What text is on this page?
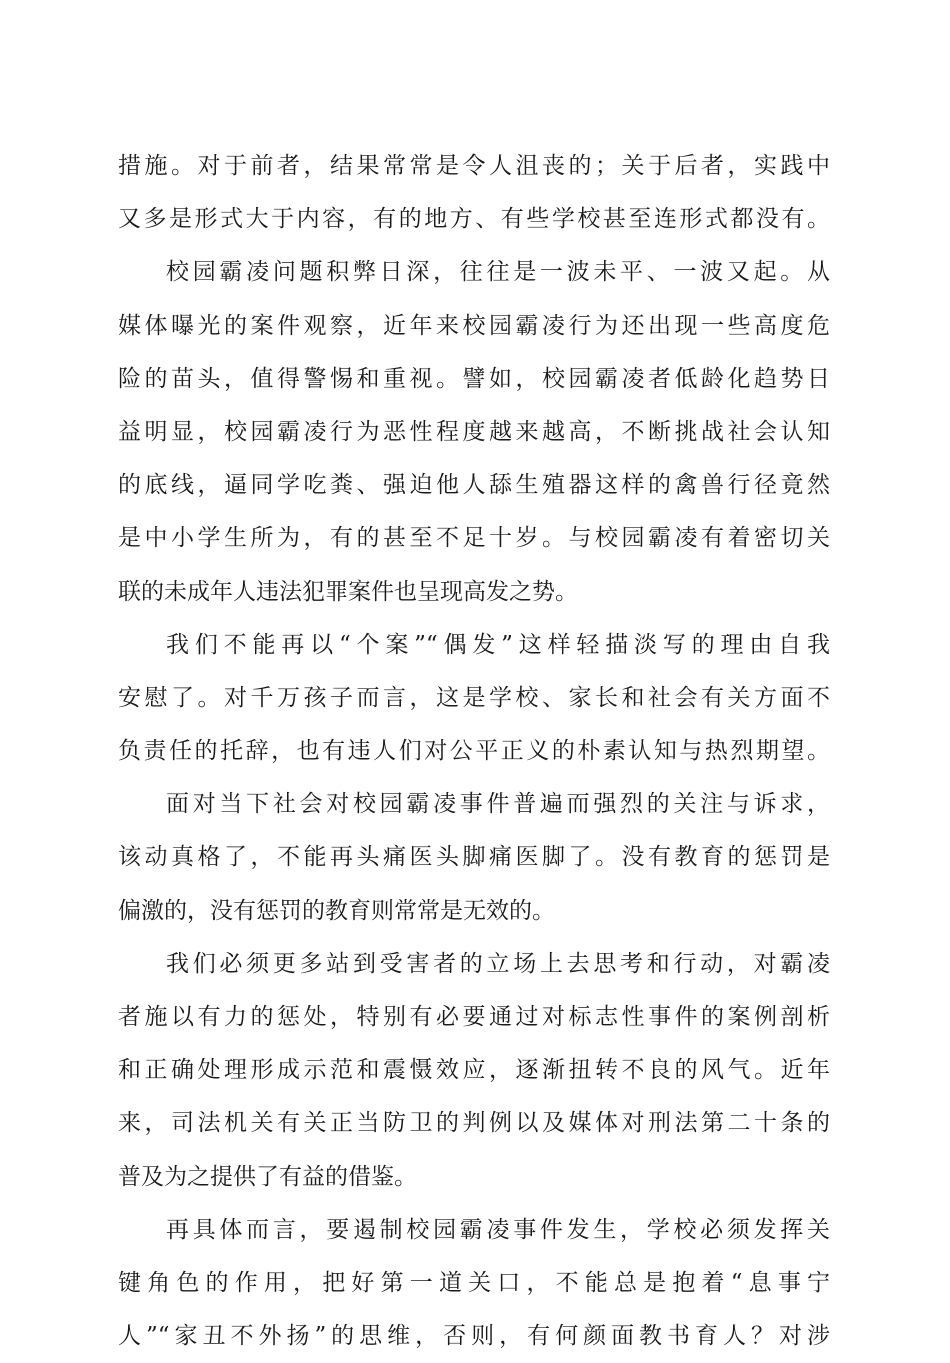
措施。对于前者，结果常常是令人沮丧的；关于后者，实践中
又多是形式大于内容，有的地方、有些学校甚至连形式都没有。
校园霸凌问题积弊日深，往往是一波未平、一波又起。从
媒体曝光的案件观察，近年来校园霸凌行为还出现一些高度危
险的苗头，值得警惕和重视。譬如，校园霸凌者低龄化趋势日
益明显，校园霸凌行为恶性程度越来越高，不断挑战社会认知
的底线，逼同学吃粪、强迫他人舔生殖器这样的禽兽行径竟然
是中小学生所为，有的甚至不足十岁。与校园霸凌有着密切关
联的未成年人违法犯罪案件也呈现高发之势。
我们不能再以“个案”“偶发”这样轻描淡写的理由自我
安慰了。对千万孩子而言，这是学校、家长和社会有关方面不
负责任的托辞，也有违人们对公平正义的朴素认知与热烈期望。
面对当下社会对校园霸凌事件普遍而强烈的关注与诉求，
该动真格了，不能再头痛医头脚痛医脚了。没有教育的惩罚是
偏激的，没有惩罚的教育则常常是无效的。
我们必须更多站到受害者的立场上去思考和行动，对霸凌
者施以有力的惩处，特别有必要通过对标志性事件的案例剖析
和正确处理形成示范和震慑效应，逐渐扭转不良的风气。近年
来，司法机关有关正当防卫的判例以及媒体对刑法第二十条的
普及为之提供了有益的借鉴。
再具体而言，要遏制校园霸凌事件发生，学校必须发挥关
键角色的作用，把好第一道关口，不能总是抱着“息事宁
人”“家丑不外扬”的思维，否则，有何颜面教书育人？对涉
